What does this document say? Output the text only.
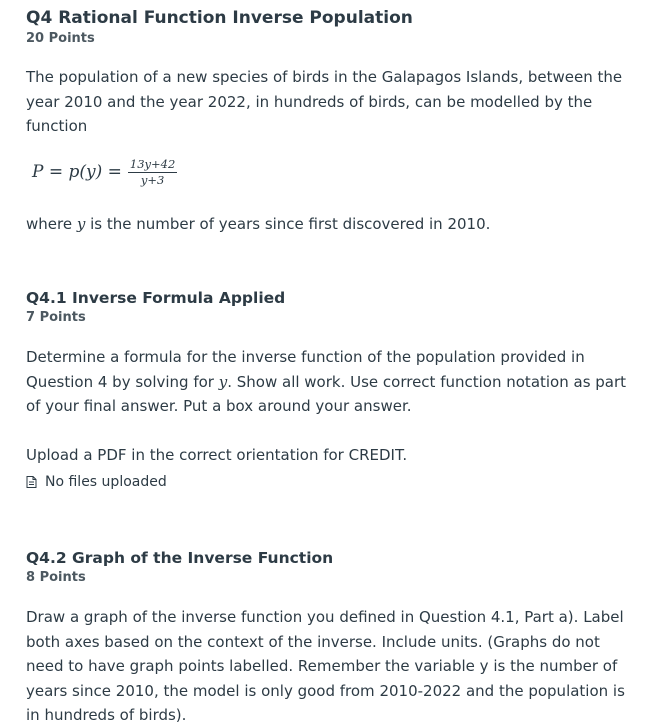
Q4 Rational Function Inverse Population
20 Points

The population of a new species of birds in the Galapagos Islands, between the year 2010 and the year 2022, in hundreds of birds, can be modelled by the function

$P = p(y) = \frac{13y+42}{y+3}$

where y is the number of years since first discovered in 2010.

Q4.1 Inverse Formula Applied
7 Points

Determine a formula for the inverse function of the population provided in Question 4 by solving for y. Show all work. Use correct function notation as part of your final answer. Put a box around your answer.

Upload a PDF in the correct orientation for CREDIT.

No files uploaded
Q4.2 Graph of the Inverse Function
8 Points

Draw a graph of the inverse function you defined in Question 4.1, Part a). Label both axes based on the context of the inverse. Include units. (Graphs do not need to have graph points labelled. Remember the variable y is the number of years since 2010, the model is only good from 2010-2022 and the population is in hundreds of birds).
